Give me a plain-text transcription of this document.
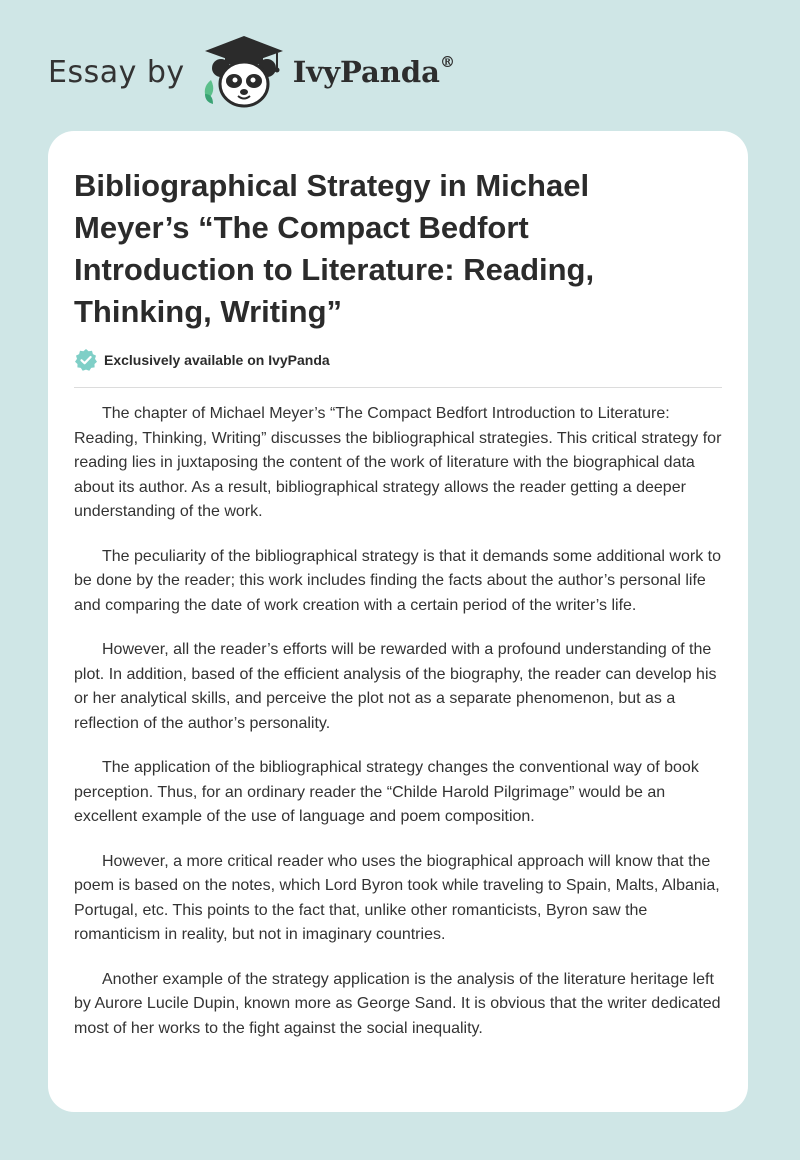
Essay by	IvyPanda®
Bibliographical Strategy in Michael Meyer’s “The Compact Bedfort Introduction to Literature: Reading, Thinking, Writing”
Exclusively available on IvyPanda

The chapter of Michael Meyer’s “The Compact Bedfort Introduction to Literature: Reading, Thinking, Writing” discusses the bibliographical strategies. This critical strategy for reading lies in juxtaposing the content of the work of literature with the biographical data about its author. As a result, bibliographical strategy allows the reader getting a deeper understanding of the work.

The peculiarity of the bibliographical strategy is that it demands some additional work to be done by the reader; this work includes finding the facts about the author’s personal life and comparing the date of work creation with a certain period of the writer’s life.

However, all the reader’s efforts will be rewarded with a profound understanding of the plot. In addition, based of the efficient analysis of the biography, the reader can develop his or her analytical skills, and perceive the plot not as a separate phenomenon, but as a reflection of the author’s personality.

The application of the bibliographical strategy changes the conventional way of book perception. Thus, for an ordinary reader the “Childe Harold Pilgrimage” would be an excellent example of the use of language and poem composition.

However, a more critical reader who uses the biographical approach will know that the poem is based on the notes, which Lord Byron took while traveling to Spain, Malts, Albania, Portugal, etc. This points to the fact that, unlike other romanticists, Byron saw the romanticism in reality, but not in imaginary countries.

Another example of the strategy application is the analysis of the literature heritage left by Aurore Lucile Dupin, known more as George Sand. It is obvious that the writer dedicated most of her works to the fight against the social inequality.
